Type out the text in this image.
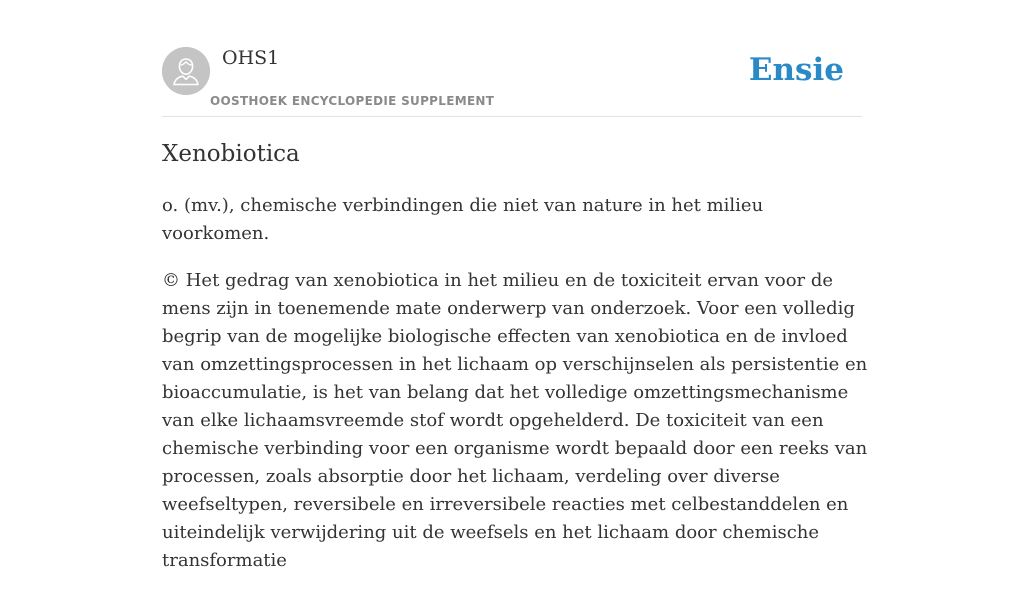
OHS1
OOSTHOEK ENCYCLOPEDIE SUPPLEMENT
Ensie
Xenobiotica

o. (mv.), chemische verbindingen die niet van nature in het milieu voorkomen.

© Het gedrag van xenobiotica in het milieu en de toxiciteit ervan voor de mens zijn in toenemende mate onderwerp van onderzoek. Voor een volledig begrip van de mogelijke biologische effecten van xenobiotica en de invloed van omzettingsprocessen in het lichaam op verschijnselen als persistentie en bioaccumulatie, is het van belang dat het volledige omzettingsmechanisme van elke lichaamsvreemde stof wordt opgehelderd. De toxiciteit van een chemische verbinding voor een organisme wordt bepaald door een reeks van processen, zoals absorptie door het lichaam, verdeling over diverse weefseltypen, reversibele en irreversibele reacties met celbestanddelen en uiteindelijk verwijdering uit de weefsels en het lichaam door chemische transformatie
